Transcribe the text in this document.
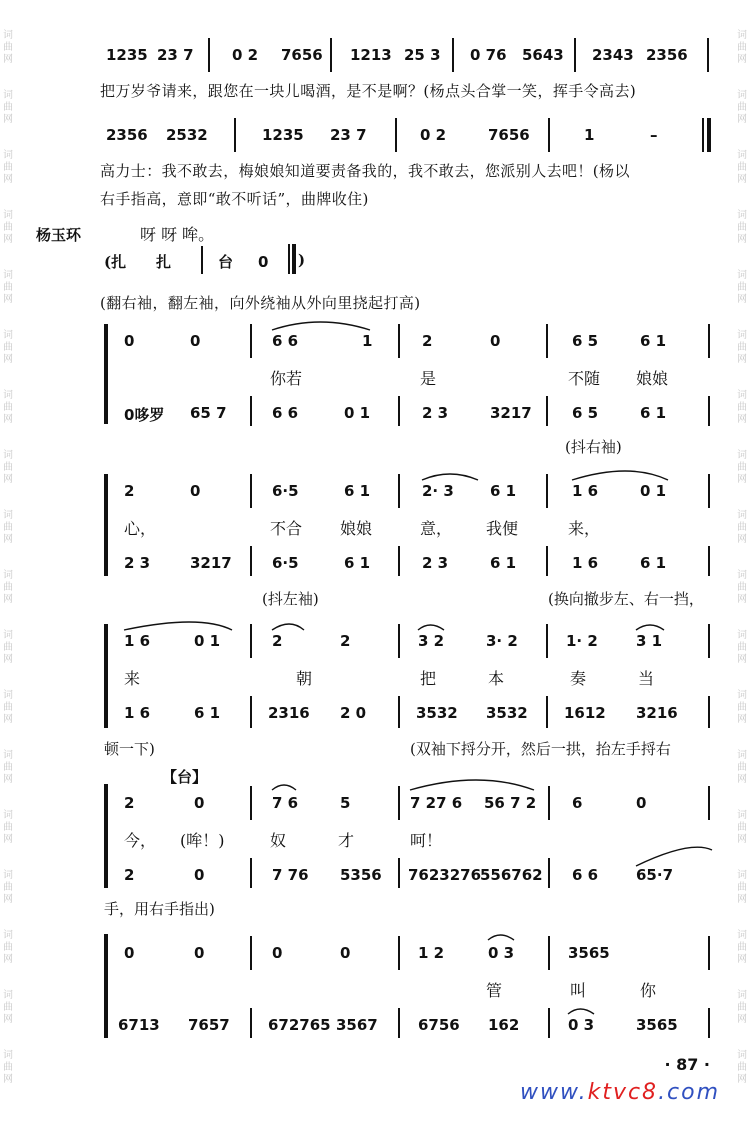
词曲网
词曲网
词曲网
词曲网
词曲网
词曲网
词曲网
词曲网
词曲网
词曲网
词曲网
词曲网
词曲网
词曲网
词曲网
词曲网
词曲网
词曲网
词曲网
词曲网
词曲网
词曲网
词曲网
词曲网
词曲网
词曲网
词曲网
词曲网
词曲网
词曲网
词曲网
词曲网
词曲网
词曲网
词曲网
词曲网
1235 23 7	0 2 7656 1213 25 3 0 76 5643 2343 2356
把万岁爷请来，跟您在一块儿喝酒，是不是啊？(杨点头合掌一笑，挥手令高去)
2356 2532	1235 23 7	0 2	7656	1	–
高力士：我不敢去，梅娘娘知道要责备我的，我不敢去，您派别人去吧！(杨以
右手指高，意即“敢不听话”，曲牌收住)
杨玉环	呀 呀 哞。
(扎 扎	台 0 )
(翻右袖，翻左袖，向外绕袖从外向里挠起打高)
0	0	6 6	1	2	0	6 5	6 1
你若	是	不随 娘娘
0哆罗 65 7	6 6	0 1	2 3	3217	6 5	6 1
(抖右袖)
2	0	6·5	6 1	2· 3 6 1	1 6	0 1
心，	不合 娘娘	意， 我便	来，
2 3	3217	6·5	6 1	2 3	6 1	1 6	6 1
(抖左袖)	(换向撤步左、右一挡，
1 6	0 1	2	2	3 2	3· 2	1· 2	3 1
来	朝	把	本	奏	当
1 6	6 1	2316 2 0	3532 3532 1612 3216
顿一下)	(双袖下捋分开，然后一拱，抬左手捋右
【台】
2	0	7 6	5	7 27 6 56 7 2 6	0
今， (哞！)	奴	才	呵！
2	0	7 76 5356 7623276
556762 6 6	65·7
手，用右手指出)
0	0	0	0	1 2	0 3	3565
管	叫	你
6713 7657	672765 3567	6756 162	0 3	3565
· 87 ·
www.ktvc8.com
